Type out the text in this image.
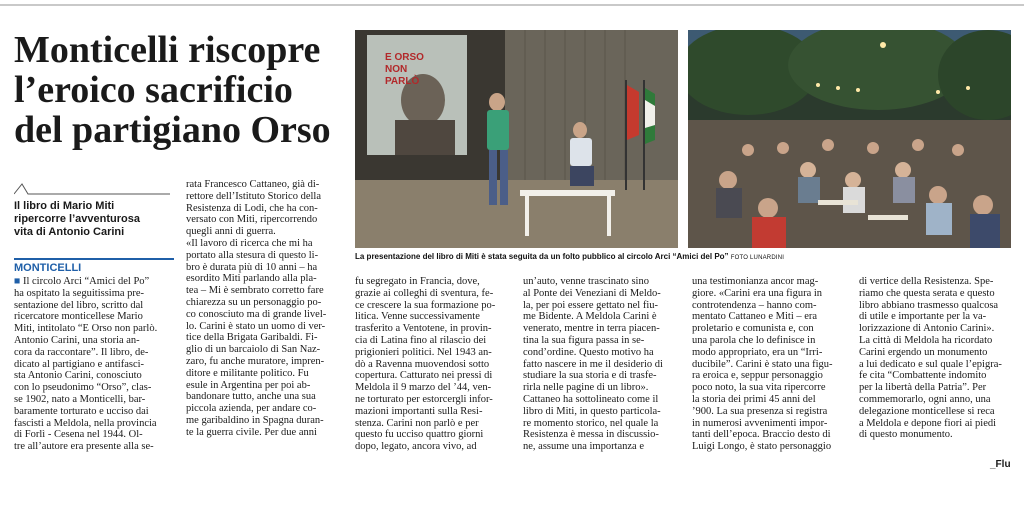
Monticelli riscopre
l’eroico sacrificio
del partigiano Orso
Il libro di Mario Miti
ripercorre l’avventurosa
vita di Antonio Carini
MONTICELLI
E ORSO
NON
PARLÒ
La presentazione del libro di Miti è stata seguita da un folto pubblico al circolo Arci “Amici del Po” FOTO LUNARDINI
■ Il circolo Arci “Amici del Po”
ha ospitato la seguitissima pre-
sentazione del libro, scritto dal
ricercatore monticellese Mario
Miti, intitolato “E Orso non parlò.
Antonio Carini, una storia an-
cora da raccontare”. Il libro, de-
dicato al partigiano e antifasci-
sta Antonio Carini, conosciuto
con lo pseudonimo “Orso”, clas-
se 1902, nato a Monticelli, bar-
baramente torturato e ucciso dai
fascisti a Meldola, nella provincia
di Forlì - Cesena nel 1944. Ol-
tre all’autore era presente alla se-
rata Francesco Cattaneo, già di-
rettore dell’Istituto Storico della
Resistenza di Lodi, che ha con-
versato con Miti, ripercorrendo
quegli anni di guerra.
«Il lavoro di ricerca che mi ha
portato alla stesura di questo li-
bro è durata più di 10 anni – ha
esordito Miti parlando alla pla-
tea – Mi è sembrato corretto fare
chiarezza su un personaggio po-
co conosciuto ma di grande livel-
lo. Carini è stato un uomo di ver-
tice della Brigata Garibaldi. Fi-
glio di un barcaiolo di San Naz-
zaro, fu anche muratore, impren-
ditore e militante politico. Fu
esule in Argentina per poi ab-
bandonare tutto, anche una sua
piccola azienda, per andare co-
me garibaldino in Spagna duran-
te la guerra civile. Per due anni
fu segregato in Francia, dove,
grazie ai colleghi di sventura, fe-
ce crescere la sua formazione po-
litica. Venne successivamente
trasferito a Ventotene, in provin-
cia di Latina fino al rilascio dei
prigionieri politici. Nel 1943 an-
dò a Ravenna muovendosi sotto
copertura. Catturato nei pressi di
Meldola il 9 marzo del ’44, ven-
ne torturato per estorcergli infor-
mazioni importanti sulla Resi-
stenza. Carini non parlò e per
questo fu ucciso quattro giorni
dopo, legato, ancora vivo, ad
un’auto, venne trascinato sino
al Ponte dei Veneziani di Meldo-
la, per poi essere gettato nel fiu-
me Bidente. A Meldola Carini è
venerato, mentre in terra piacen-
tina la sua figura passa in se-
cond’ordine. Questo motivo ha
fatto nascere in me il desiderio di
studiare la sua storia e di trasfe-
rirla nelle pagine di un libro».
Cattaneo ha sottolineato come il
libro di Miti, in questo particola-
re momento storico, nel quale la
Resistenza è messa in discussio-
ne, assume una importanza e
una testimonianza ancor mag-
giore. «Carini era una figura in
controtendenza – hanno com-
mentato Cattaneo e Miti – era
proletario e comunista e, con
una parola che lo definisce in
modo appropriato, era un “Irri-
ducibile”. Carini è stato una figu-
ra eroica e, seppur personaggio
poco noto, la sua vita ripercorre
la storia dei primi 45 anni del
’900. La sua presenza si registra
in numerosi avvenimenti impor-
tanti dell’epoca. Braccio desto di
Luigi Longo, è stato personaggio
di vertice della Resistenza. Spe-
riamo che questa serata e questo
libro abbiano trasmesso qualcosa
di utile e importante per la va-
lorizzazione di Antonio Carini».
La città di Meldola ha ricordato
Carini ergendo un monumento
a lui dedicato e sul quale l’epigra-
fe cita “Combattente indomito
per la libertà della Patria”. Per
commemorarlo, ogni anno, una
delegazione monticellese si reca
a Meldola e depone fiori ai piedi
di questo monumento.
_Flu
